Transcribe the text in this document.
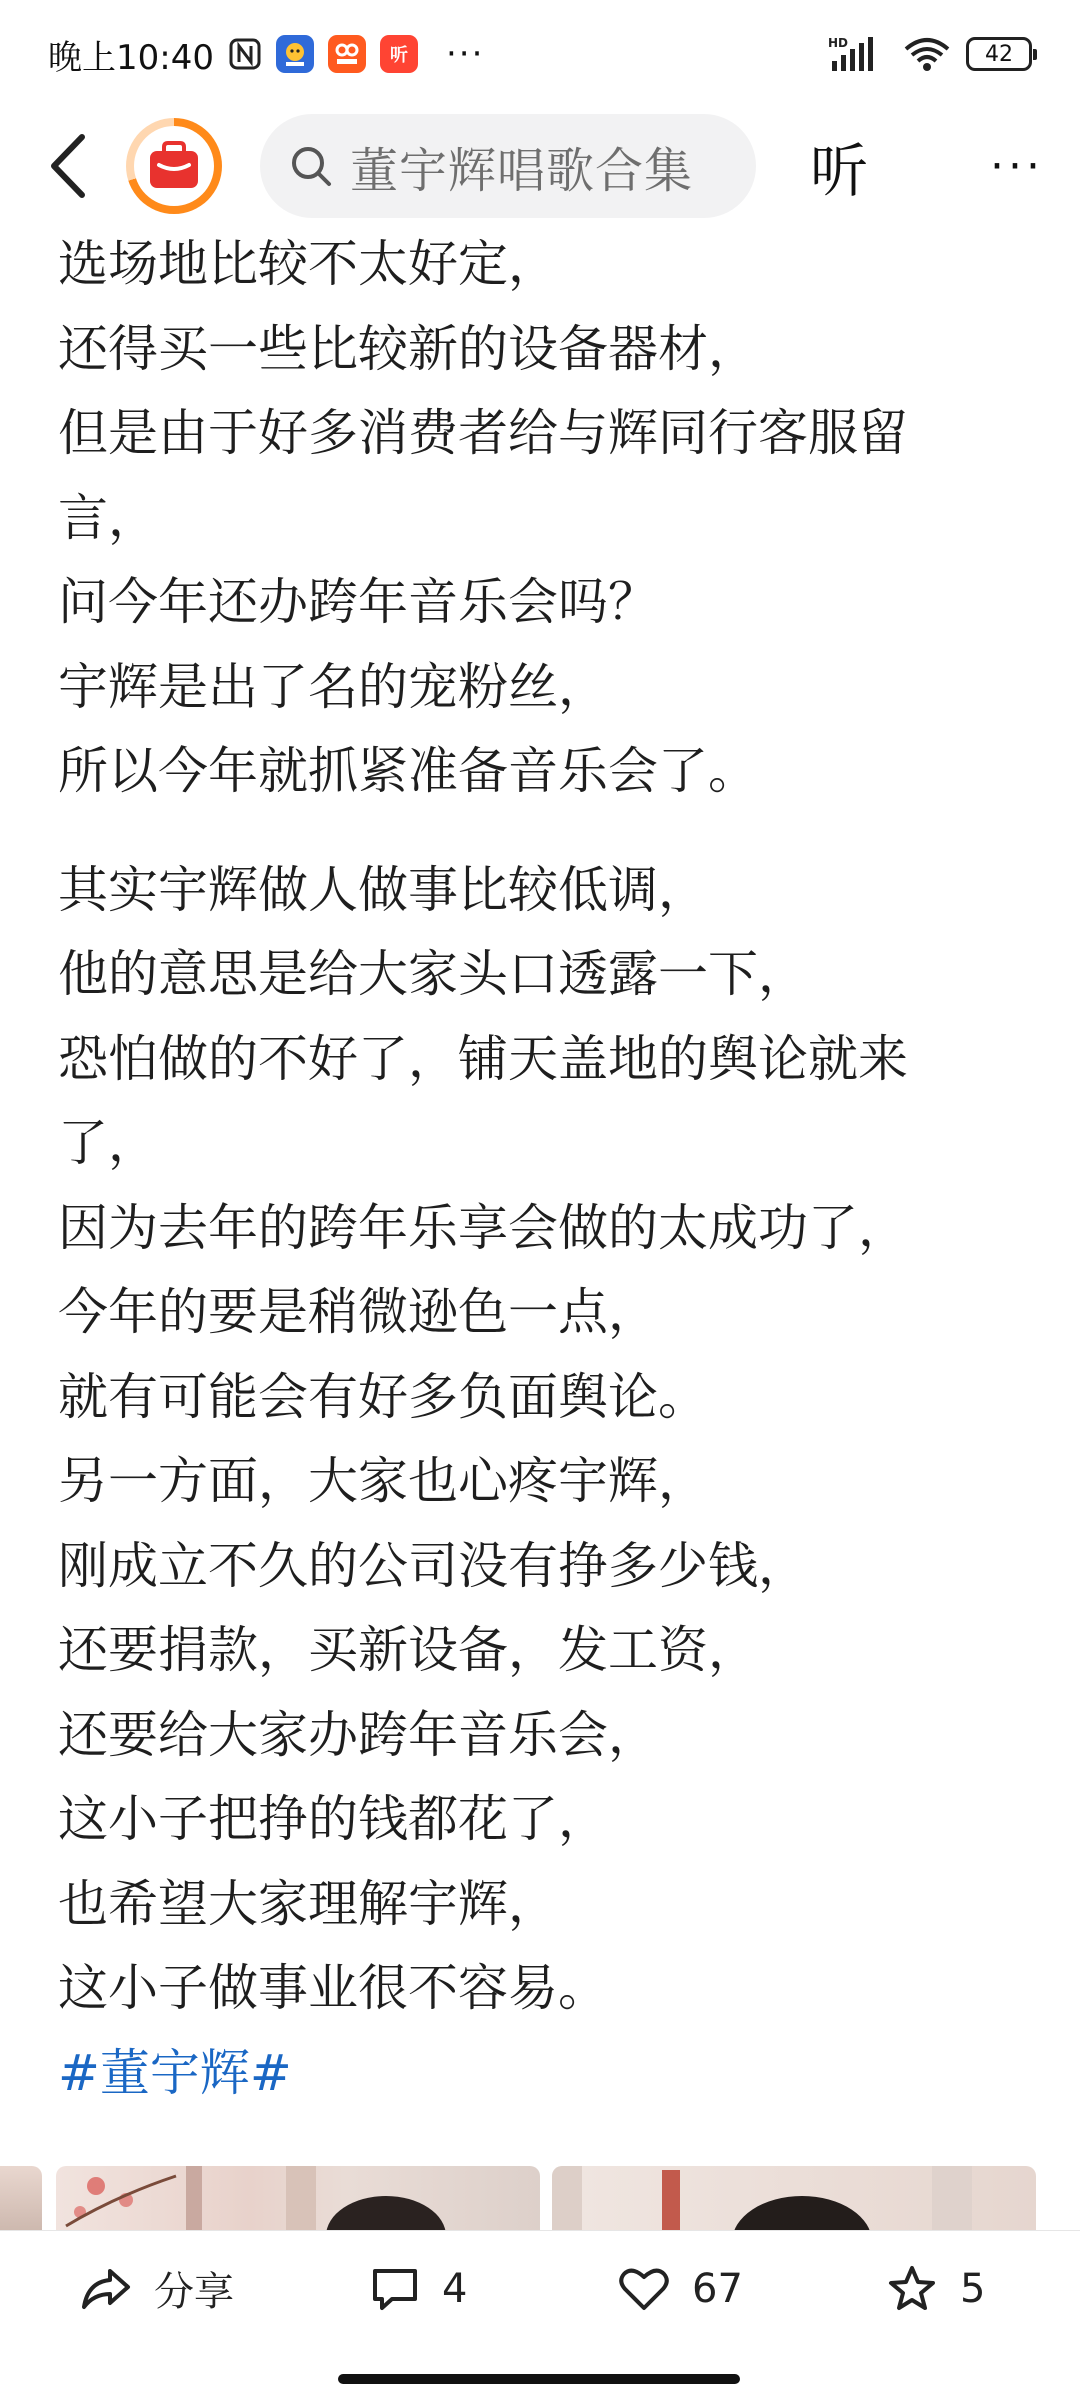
晚上10:40	听 ···	HD	42
董宇辉唱歌合集 听	···
选场地比较不太好定，
还得买一些比较新的设备器材，
但是由于好多消费者给与辉同行客服留
言，
问今年还办跨年音乐会吗？
宇辉是出了名的宠粉丝，
所以今年就抓紧准备音乐会了。
其实宇辉做人做事比较低调，
他的意思是给大家头口透露一下，
恐怕做的不好了，铺天盖地的舆论就来
了，
因为去年的跨年乐享会做的太成功了，
今年的要是稍微逊色一点，
就有可能会有好多负面舆论。
另一方面，大家也心疼宇辉，
刚成立不久的公司没有挣多少钱，
还要捐款，买新设备，发工资，
还要给大家办跨年音乐会，
这小子把挣的钱都花了，
也希望大家理解宇辉，
这小子做事业很不容易。
#董宇辉#
分享	4	67	5
